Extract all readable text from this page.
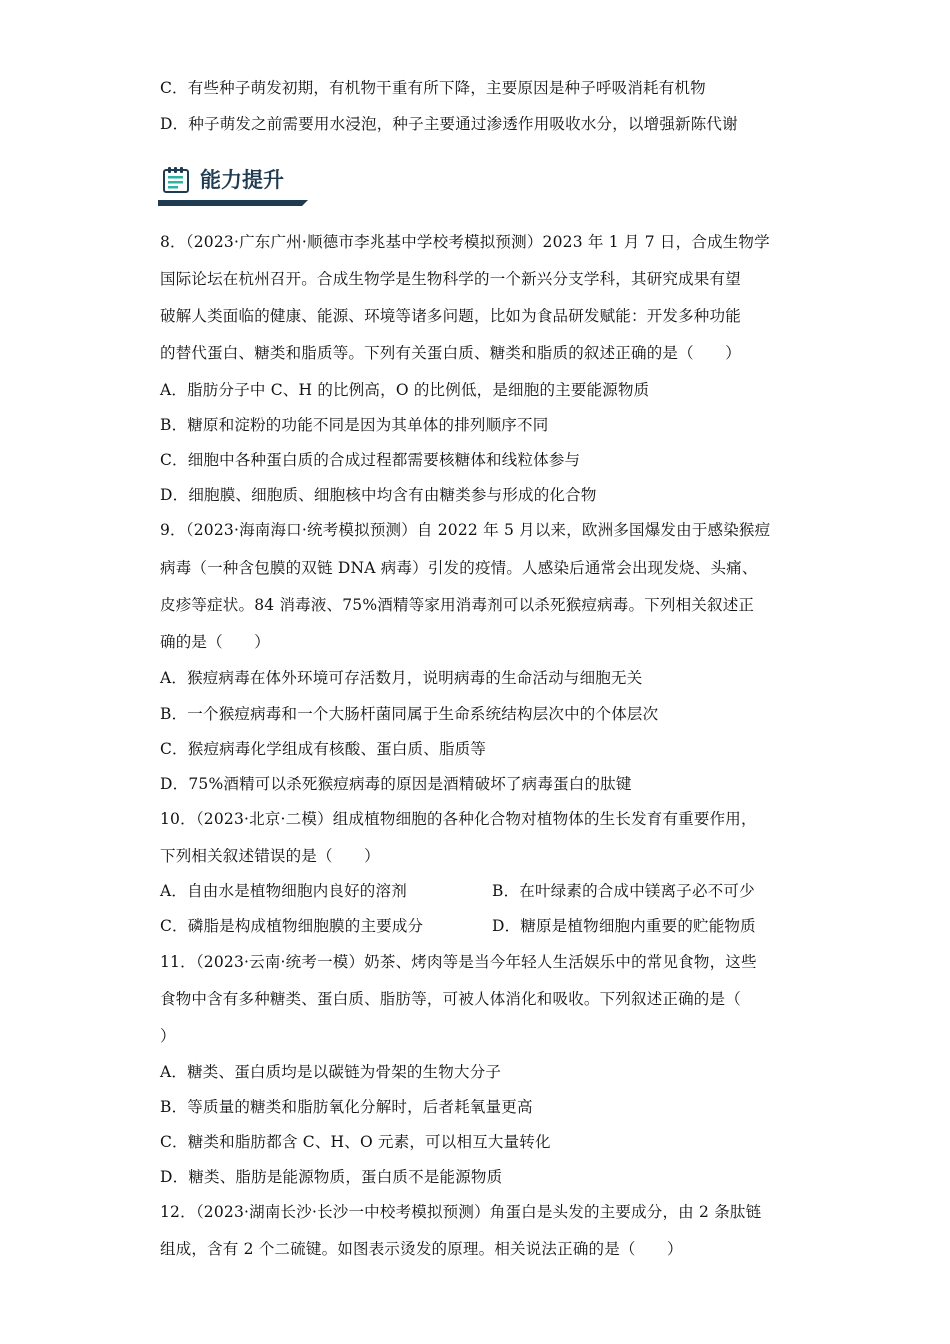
C．有些种子萌发初期，有机物干重有所下降，主要原因是种子呼吸消耗有机物
D．种子萌发之前需要用水浸泡，种子主要通过渗透作用吸收水分，以增强新陈代谢
能力提升
8．（2023·广东广州·顺德市李兆基中学校考模拟预测）2023 年 1 月 7 日，合成生物学
国际论坛在杭州召开。合成生物学是生物科学的一个新兴分支学科，其研究成果有望
破解人类面临的健康、能源、环境等诸多问题，比如为食品研发赋能：开发多种功能
的替代蛋白、糖类和脂质等。下列有关蛋白质、糖类和脂质的叙述正确的是（　　）
A．脂肪分子中 C、H 的比例高，O 的比例低，是细胞的主要能源物质
B．糖原和淀粉的功能不同是因为其单体的排列顺序不同
C．细胞中各种蛋白质的合成过程都需要核糖体和线粒体参与
D．细胞膜、细胞质、细胞核中均含有由糖类参与形成的化合物
9．（2023·海南海口·统考模拟预测）自 2022 年 5 月以来，欧洲多国爆发由于感染猴痘
病毒（一种含包膜的双链 DNA 病毒）引发的疫情。人感染后通常会出现发烧、头痛、
皮疹等症状。84 消毒液、75%酒精等家用消毒剂可以杀死猴痘病毒。下列相关叙述正
确的是（　　）
A．猴痘病毒在体外环境可存活数月，说明病毒的生命活动与细胞无关
B．一个猴痘病毒和一个大肠杆菌同属于生命系统结构层次中的个体层次
C．猴痘病毒化学组成有核酸、蛋白质、脂质等
D．75%酒精可以杀死猴痘病毒的原因是酒精破坏了病毒蛋白的肽键
10．（2023·北京·二模）组成植物细胞的各种化合物对植物体的生长发育有重要作用，
下列相关叙述错误的是（　　）
A．自由水是植物细胞内良好的溶剂	B．在叶绿素的合成中镁离子必不可少
C．磷脂是构成植物细胞膜的主要成分	D．糖原是植物细胞内重要的贮能物质
11．（2023·云南·统考一模）奶茶、烤肉等是当今年轻人生活娱乐中的常见食物，这些
食物中含有多种糖类、蛋白质、脂肪等，可被人体消化和吸收。下列叙述正确的是（
）
A．糖类、蛋白质均是以碳链为骨架的生物大分子
B．等质量的糖类和脂肪氧化分解时，后者耗氧量更高
C．糖类和脂肪都含 C、H、O 元素，可以相互大量转化
D．糖类、脂肪是能源物质，蛋白质不是能源物质
12．（2023·湖南长沙·长沙一中校考模拟预测）角蛋白是头发的主要成分，由 2 条肽链
组成，含有 2 个二硫键。如图表示烫发的原理。相关说法正确的是（　　）
